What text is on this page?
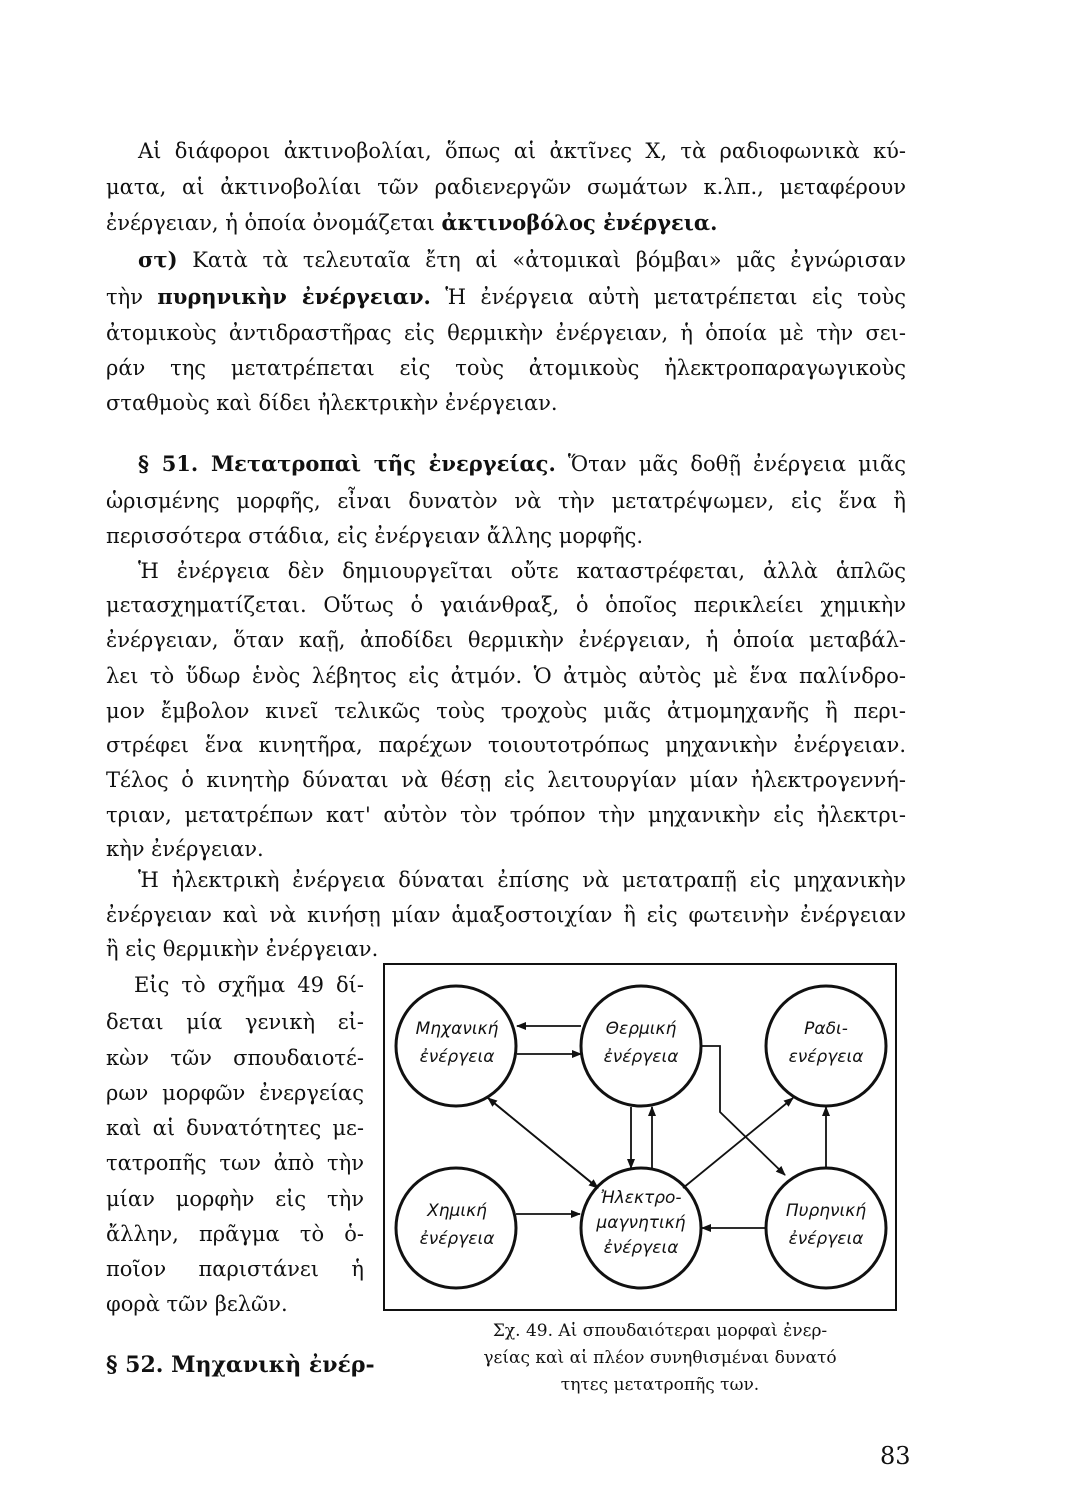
Αἱ διάφοροι ἀκτινοβολίαι, ὅπως αἱ ἀκτῖνες Χ, τὰ ραδιοφωνικὰ κύ-
ματα, αἱ ἀκτινοβολίαι τῶν ραδιενεργῶν σωμάτων κ.λπ., μεταφέρουν
ἐνέργειαν, ἡ ὁποία ὀνομάζεται ἀκτινοβόλος ἐνέργεια.
στ) Κατὰ τὰ τελευταῖα ἔτη αἱ «ἀτομικαὶ βόμβαι» μᾶς ἐγνώρισαν
τὴν πυρηνικὴν ἐνέργειαν. Ἡ ἐνέργεια αὐτὴ μετατρέπεται εἰς τοὺς
ἀτομικοὺς ἀντιδραστῆρας εἰς θερμικὴν ἐνέργειαν, ἡ ὁποία μὲ τὴν σει-
ράν της μετατρέπεται εἰς τοὺς ἀτομικοὺς ἠλεκτροπαραγωγικοὺς
σταθμοὺς καὶ δίδει ἠλεκτρικὴν ἐνέργειαν.
§ 51. Μετατροπαὶ τῆς ἐνεργείας. Ὅταν μᾶς δοθῇ ἐνέργεια μιᾶς
ὡρισμένης μορφῆς, εἶναι δυνατὸν νὰ τὴν μετατρέψωμεν, εἰς ἕνα ἢ
περισσότερα στάδια, εἰς ἐνέργειαν ἄλλης μορφῆς.
Ἡ ἐνέργεια δὲν δημιουργεῖται οὔτε καταστρέφεται, ἀλλὰ ἁπλῶς
μετασχηματίζεται. Οὕτως ὁ γαιάνθραξ, ὁ ὁποῖος περικλείει χημικὴν
ἐνέργειαν, ὅταν καῇ, ἀποδίδει θερμικὴν ἐνέργειαν, ἡ ὁποία μεταβάλ-
λει τὸ ὕδωρ ἑνὸς λέβητος εἰς ἀτμόν. Ὁ ἀτμὸς αὐτὸς μὲ ἕνα παλίνδρο-
μον ἔμβολον κινεῖ τελικῶς τοὺς τροχοὺς μιᾶς ἀτμομηχανῆς ἢ περι-
στρέφει ἕνα κινητῆρα, παρέχων τοιουτοτρόπως μηχανικὴν ἐνέργειαν.
Τέλος ὁ κινητὴρ δύναται νὰ θέσῃ εἰς λειτουργίαν μίαν ἠλεκτρογεννή-
τριαν, μετατρέπων κατ' αὐτὸν τὸν τρόπον τὴν μηχανικὴν εἰς ἠλεκτρι-
κὴν ἐνέργειαν.
Ἡ ἠλεκτρικὴ ἐνέργεια δύναται ἐπίσης νὰ μετατραπῇ εἰς μηχανικὴν
ἐνέργειαν καὶ νὰ κινήσῃ μίαν ἁμαξοστοιχίαν ἢ εἰς φωτεινὴν ἐνέργειαν
ἢ εἰς θερμικὴν ἐνέργειαν.
Εἰς τὸ σχῆμα 49 δί-
δεται μία γενικὴ εἰ-
κὼν τῶν σπουδαιοτέ-
ρων μορφῶν ἐνεργείας
καὶ αἱ δυνατότητες με-
τατροπῆς των ἀπὸ τὴν
μίαν μορφὴν εἰς τὴν
ἄλλην, πρᾶγμα τὸ ὁ-
ποῖον παριστάνει ἡ
φορὰ τῶν βελῶν.
§ 52. Μηχανικὴ ἐνέρ-
Μηχανική
ἐνέργεια
Θερμική
ἐνέργεια
Ραδι-
ενέργεια
Χημική
ἐνέργεια
Ἠλεκτρο-
μαγνητική
ἐνέργεια
Πυρηνική
ἐνέργεια
Σχ. 49. Αἱ σπουδαιότεραι μορφαὶ ἐνερ-
γείας καὶ αἱ πλέον συνηθισμέναι δυνατό
τητες μετατροπῆς των.
83
